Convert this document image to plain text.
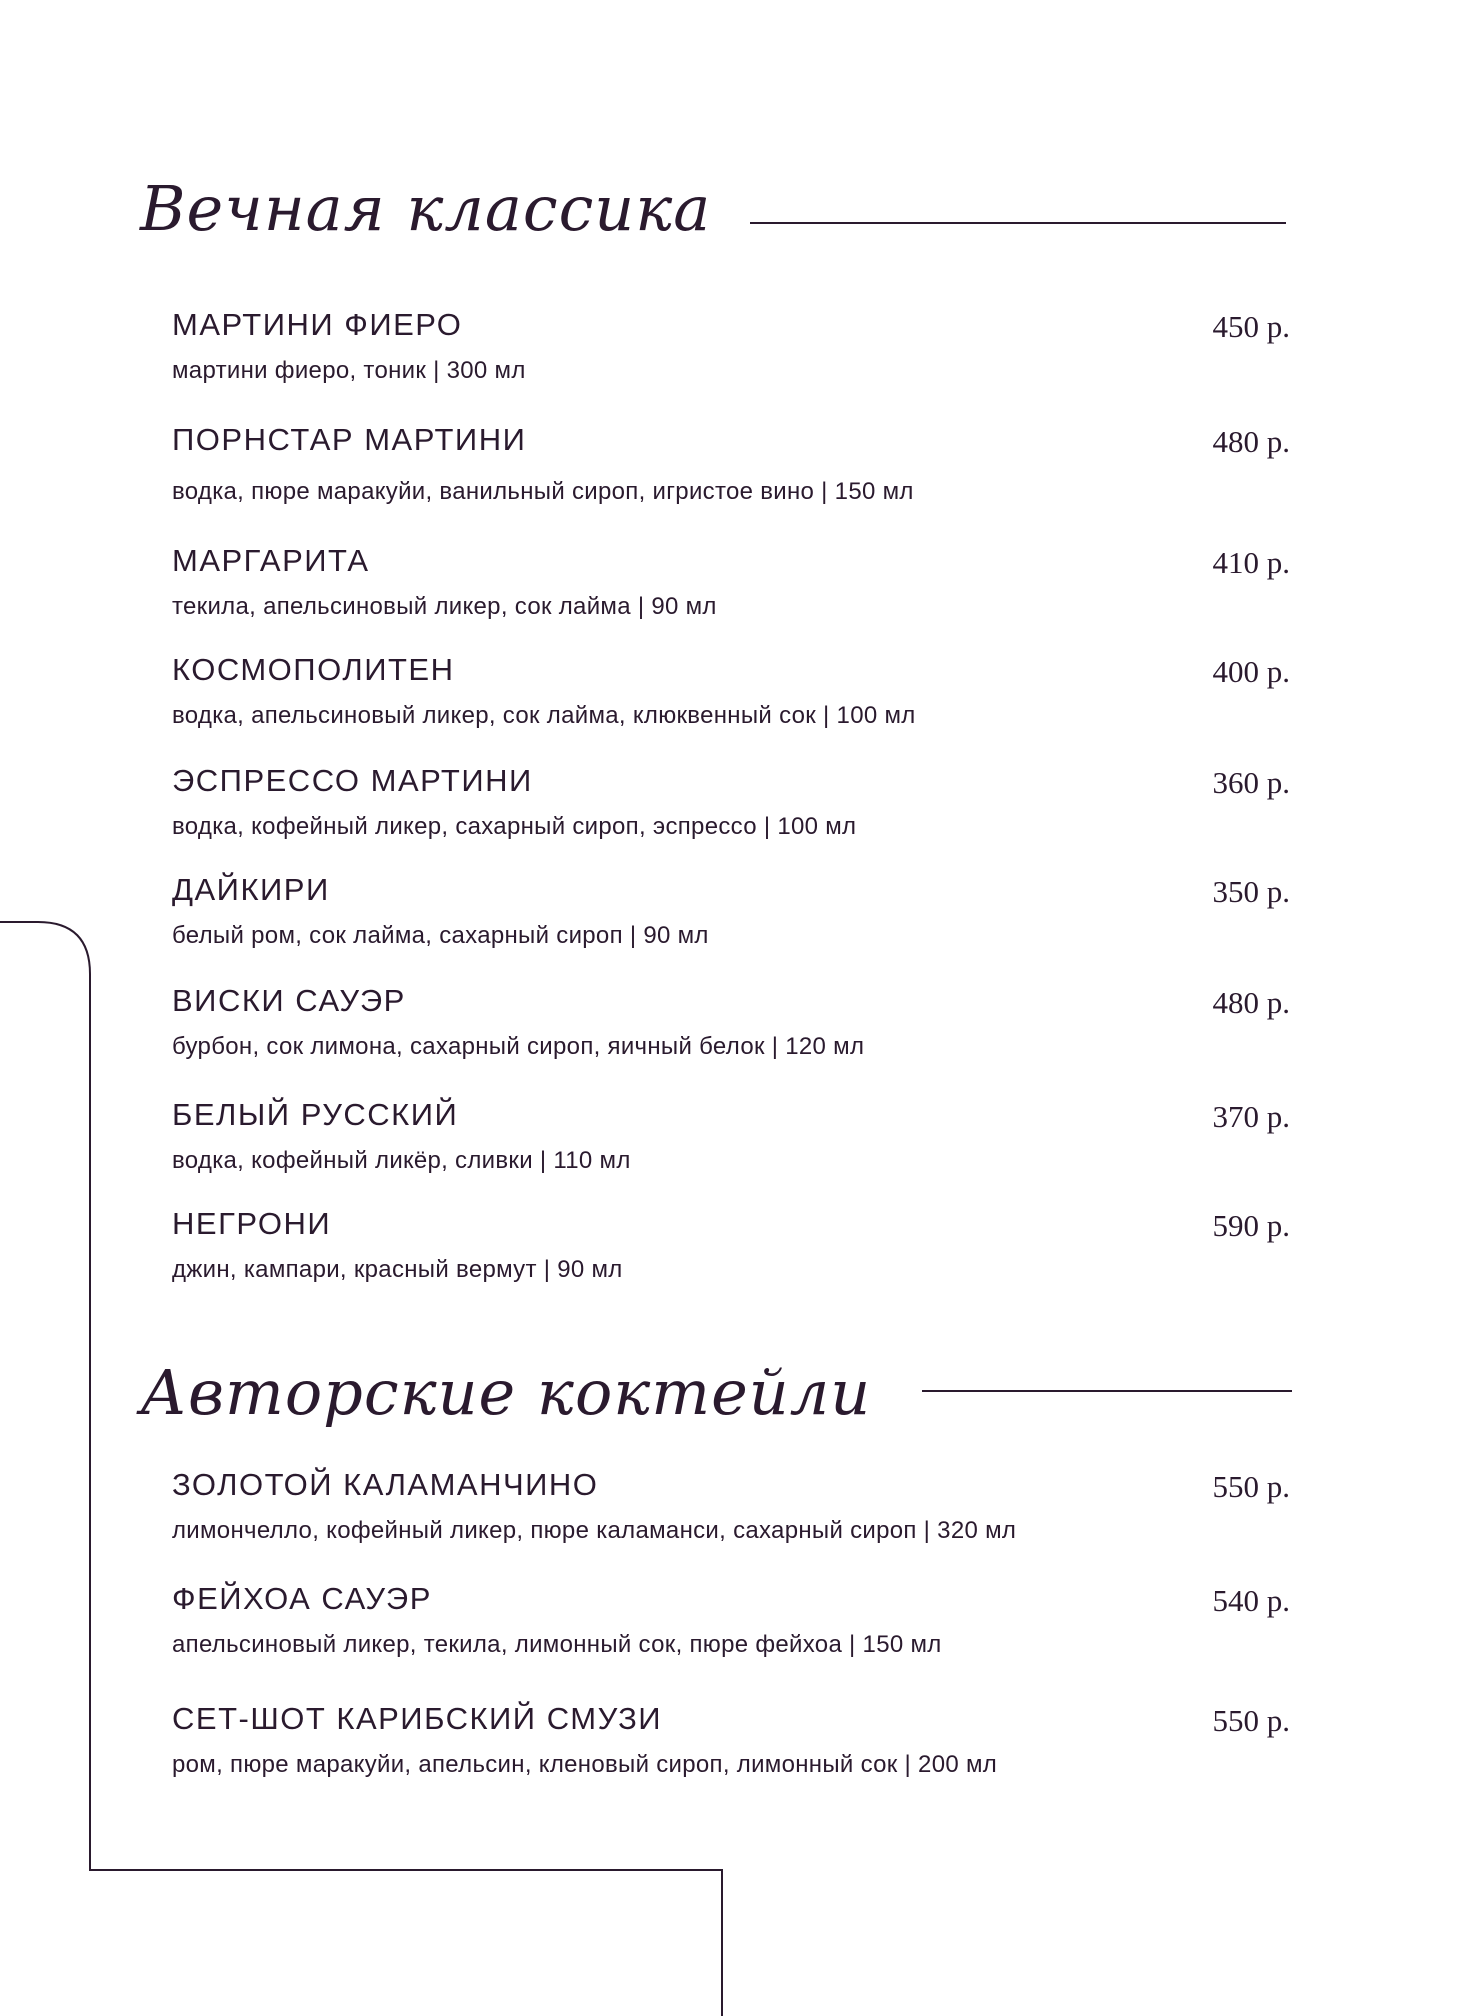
Вечная классика
Авторские коктейли
МАРТИНИ ФИЕРО	450 р.
мартини фиеро, тоник | 300 мл
ПОРНСТАР МАРТИНИ	480 р.
водка, пюре маракуйи, ванильный сироп, игристое вино | 150 мл
МАРГАРИТА	410 р.
текила, апельсиновый ликер, сок лайма | 90 мл
КОСМОПОЛИТЕН	400 р.
водка, апельсиновый ликер, сок лайма, клюквенный сок | 100 мл
ЭСПРЕССО МАРТИНИ	360 р.
водка, кофейный ликер, сахарный сироп, эспрессо | 100 мл
ДАЙКИРИ	350 р.
белый ром, сок лайма, сахарный сироп | 90 мл
ВИСКИ САУЭР	480 р.
бурбон, сок лимона, сахарный сироп, яичный белок | 120 мл
БЕЛЫЙ РУССКИЙ	370 р.
водка, кофейный ликёр, сливки | 110 мл
НЕГРОНИ	590 р.
джин, кампари, красный вермут | 90 мл
ЗОЛОТОЙ КАЛАМАНЧИНО	550 р.
лимончелло, кофейный ликер, пюре каламанси, сахарный сироп | 320 мл
ФЕЙХОА САУЭР	540 р.
апельсиновый ликер, текила, лимонный сок, пюре фейхоа | 150 мл
СЕТ-ШОТ КАРИБСКИЙ СМУЗИ	550 р.
ром, пюре маракуйи, апельсин, кленовый сироп, лимонный сок | 200 мл
